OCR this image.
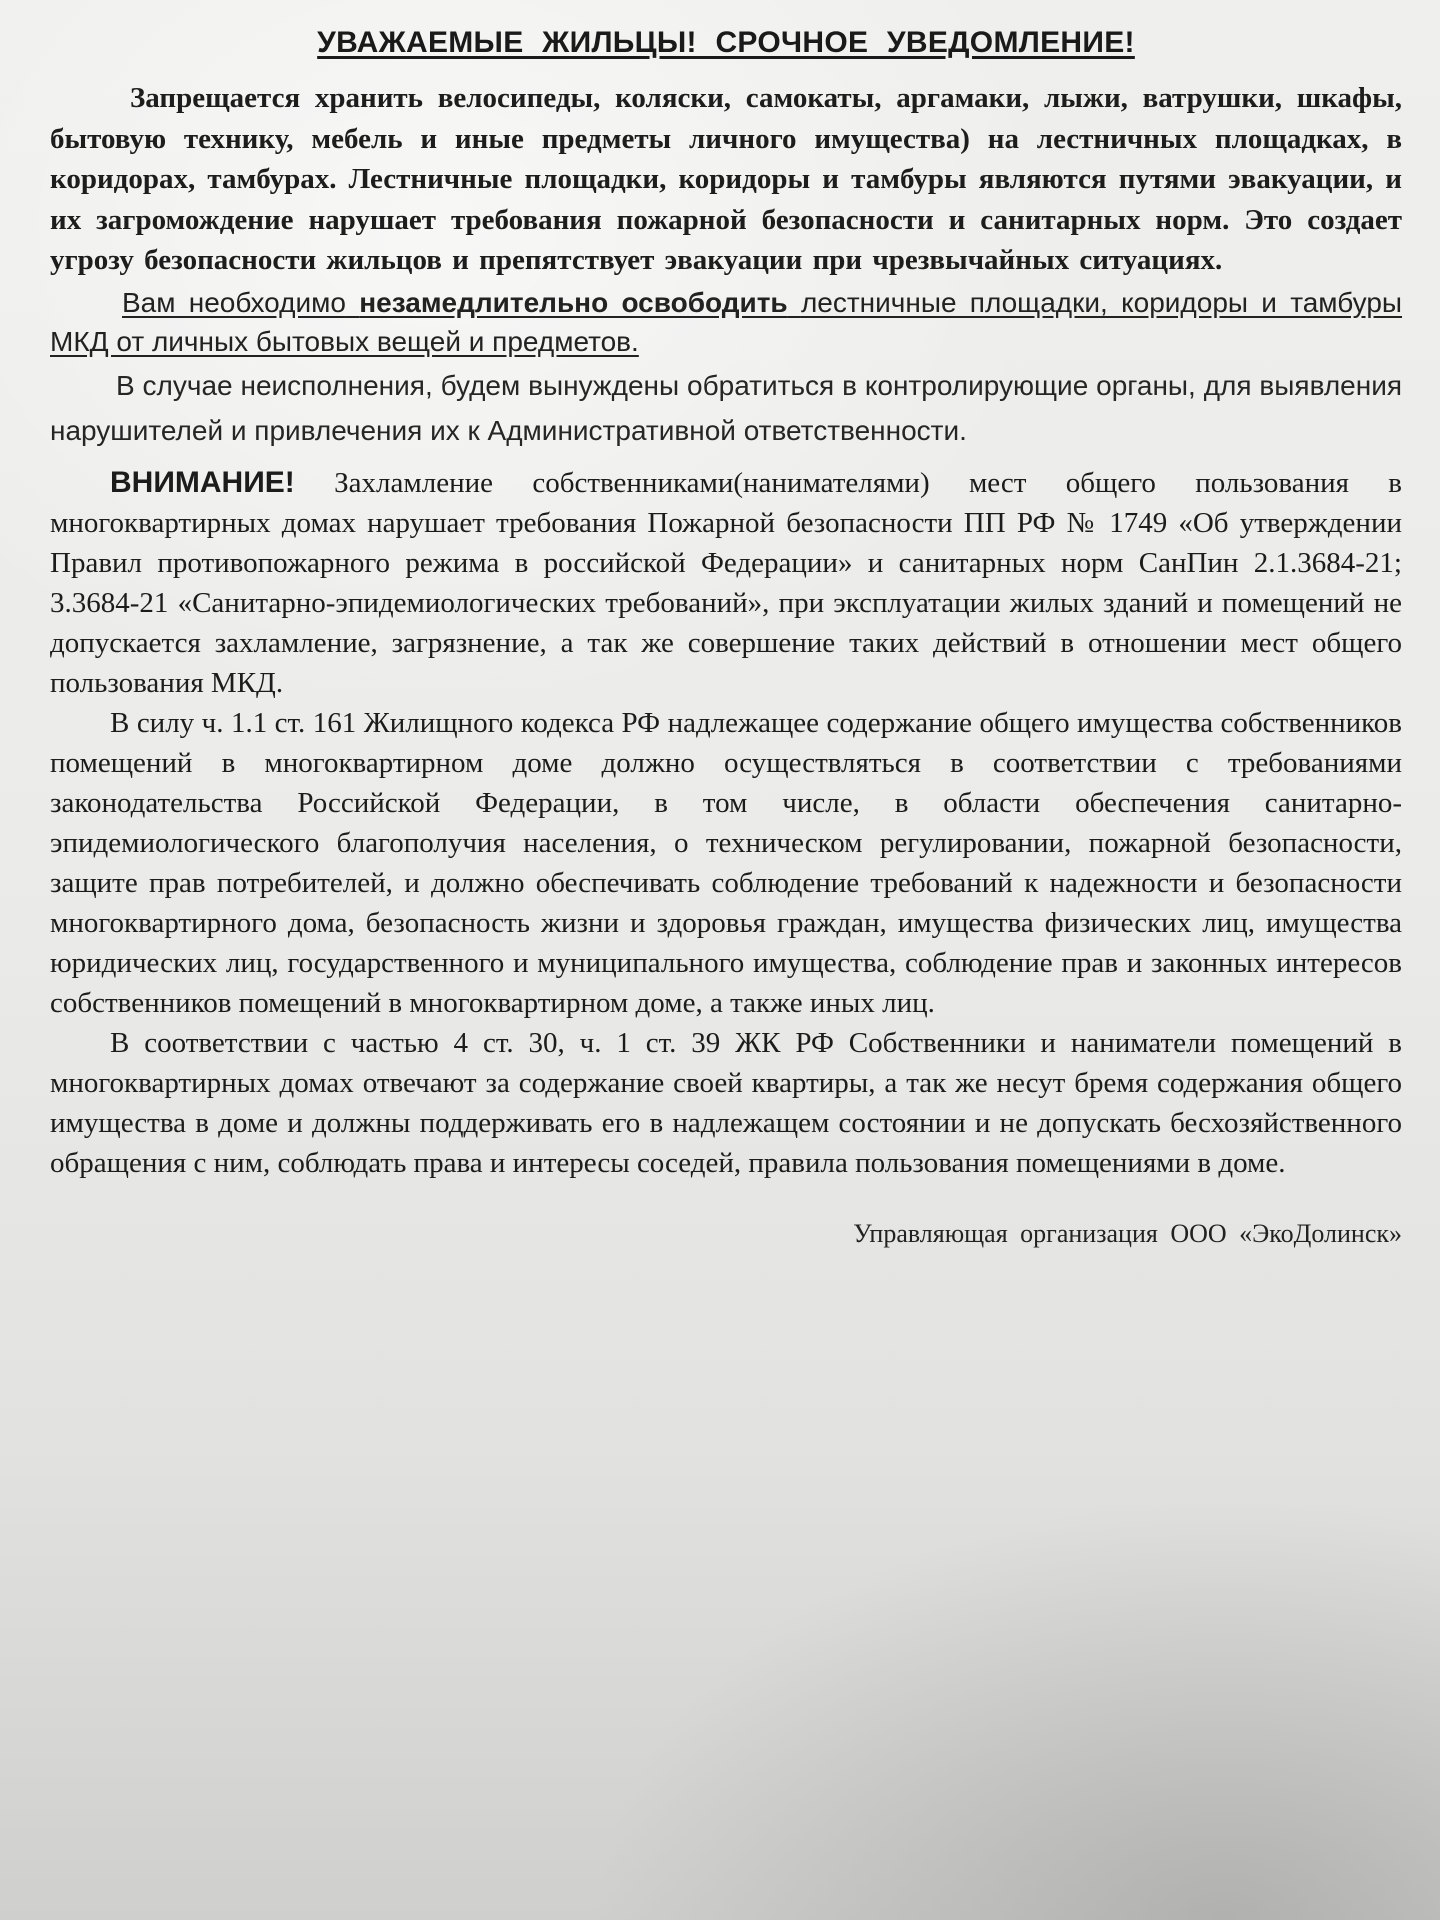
УВАЖАЕМЫЕ ЖИЛЬЦЫ! СРОЧНОЕ УВЕДОМЛЕНИЕ!

Запрещается хранить велосипеды, коляски, самокаты, аргамаки, лыжи, ватрушки, шкафы, бытовую технику, мебель и иные предметы личного имущества) на лестничных площадках, в коридорах, тамбурах. Лестничные площадки, коридоры и тамбуры являются путями эвакуации, и их загромождение нарушает требования пожарной безопасности и санитарных норм. Это создает угрозу безопасности жильцов и препятствует эвакуации при чрезвычайных ситуациях.

Вам необходимо незамедлительно освободить лестничные площадки, коридоры и тамбуры МКД от личных бытовых вещей и предметов.

В случае неисполнения, будем вынуждены обратиться в контролирующие органы, для выявления нарушителей и привлечения их к Административной ответственности.

ВНИМАНИЕ! Захламление собственниками(нанимателями) мест общего пользования в многоквартирных домах нарушает требования Пожарной безопасности ПП РФ № 1749 «Об утверждении Правил противопожарного режима в российской Федерации» и санитарных норм СанПин 2.1.3684-21; 3.3684-21 «Санитарно-эпидемиологических требований», при эксплуатации жилых зданий и помещений не допускается захламление, загрязнение, а так же совершение таких действий в отношении мест общего пользования МКД.

В силу ч. 1.1 ст. 161 Жилищного кодекса РФ надлежащее содержание общего имущества собственников помещений в многоквартирном доме должно осуществляться в соответствии с требованиями законодательства Российской Федерации, в том числе, в области обеспечения санитарно-эпидемиологического благополучия населения, о техническом регулировании, пожарной безопасности, защите прав потребителей, и должно обеспечивать соблюдение требований к надежности и безопасности многоквартирного дома, безопасность жизни и здоровья граждан, имущества физических лиц, имущества юридических лиц, государственного и муниципального имущества, соблюдение прав и законных интересов собственников помещений в многоквартирном доме, а также иных лиц.

В соответствии с частью 4 ст. 30, ч. 1 ст. 39 ЖК РФ Собственники и наниматели помещений в многоквартирных домах отвечают за содержание своей квартиры, а так же несут бремя содержания общего имущества в доме и должны поддерживать его в надлежащем состоянии и не допускать бесхозяйственного обращения с ним, соблюдать права и интересы соседей, правила пользования помещениями в доме.

Управляющая организация ООО «ЭкоДолинск»
